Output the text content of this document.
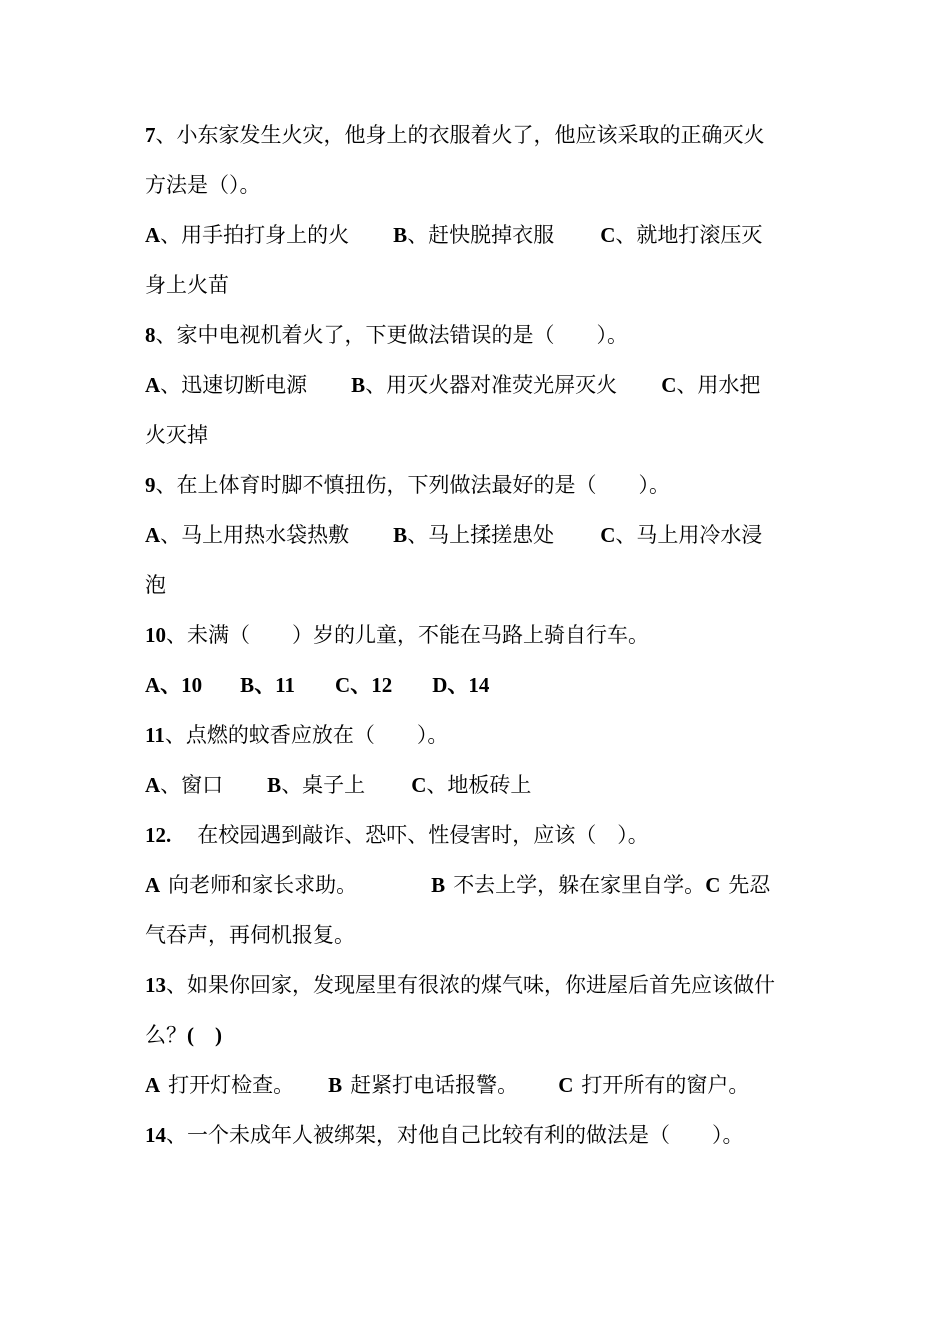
7、小东家发生火灾，他身上的衣服着火了，他应该采取的正确灭火
方法是（）。
A、用手拍打身上的火 B、赶快脱掉衣服 C、就地打滚压灭
身上火苗
8、家中电视机着火了，下更做法错误的是（　　）。
A、迅速切断电源 B、用灭火器对准荧光屏灭火 C、用水把
火灭掉
9、在上体育时脚不慎扭伤，下列做法最好的是（　　）。
A、马上用热水袋热敷 B、马上揉搓患处 C、马上用冷水浸
泡
10、未满（　　）岁的儿童，不能在马路上骑自行车。
A、10 B、11 C、12 D、14
11、点燃的蚊香应放在（　　）。
A、窗口 B、桌子上 C、地板砖上
12. 在校园遇到敲诈、恐吓、性侵害时，应该（　）。
A 向老师和家长求助。	B 不去上学，躲在家里自学。C 先忍
气吞声，再伺机报复。
13、如果你回家，发现屋里有很浓的煤气味，你进屋后首先应该做什
么？(　)
A 打开灯检查。 B 赶紧打电话报警。 C 打开所有的窗户。
14、一个未成年人被绑架，对他自己比较有利的做法是（　　）。
